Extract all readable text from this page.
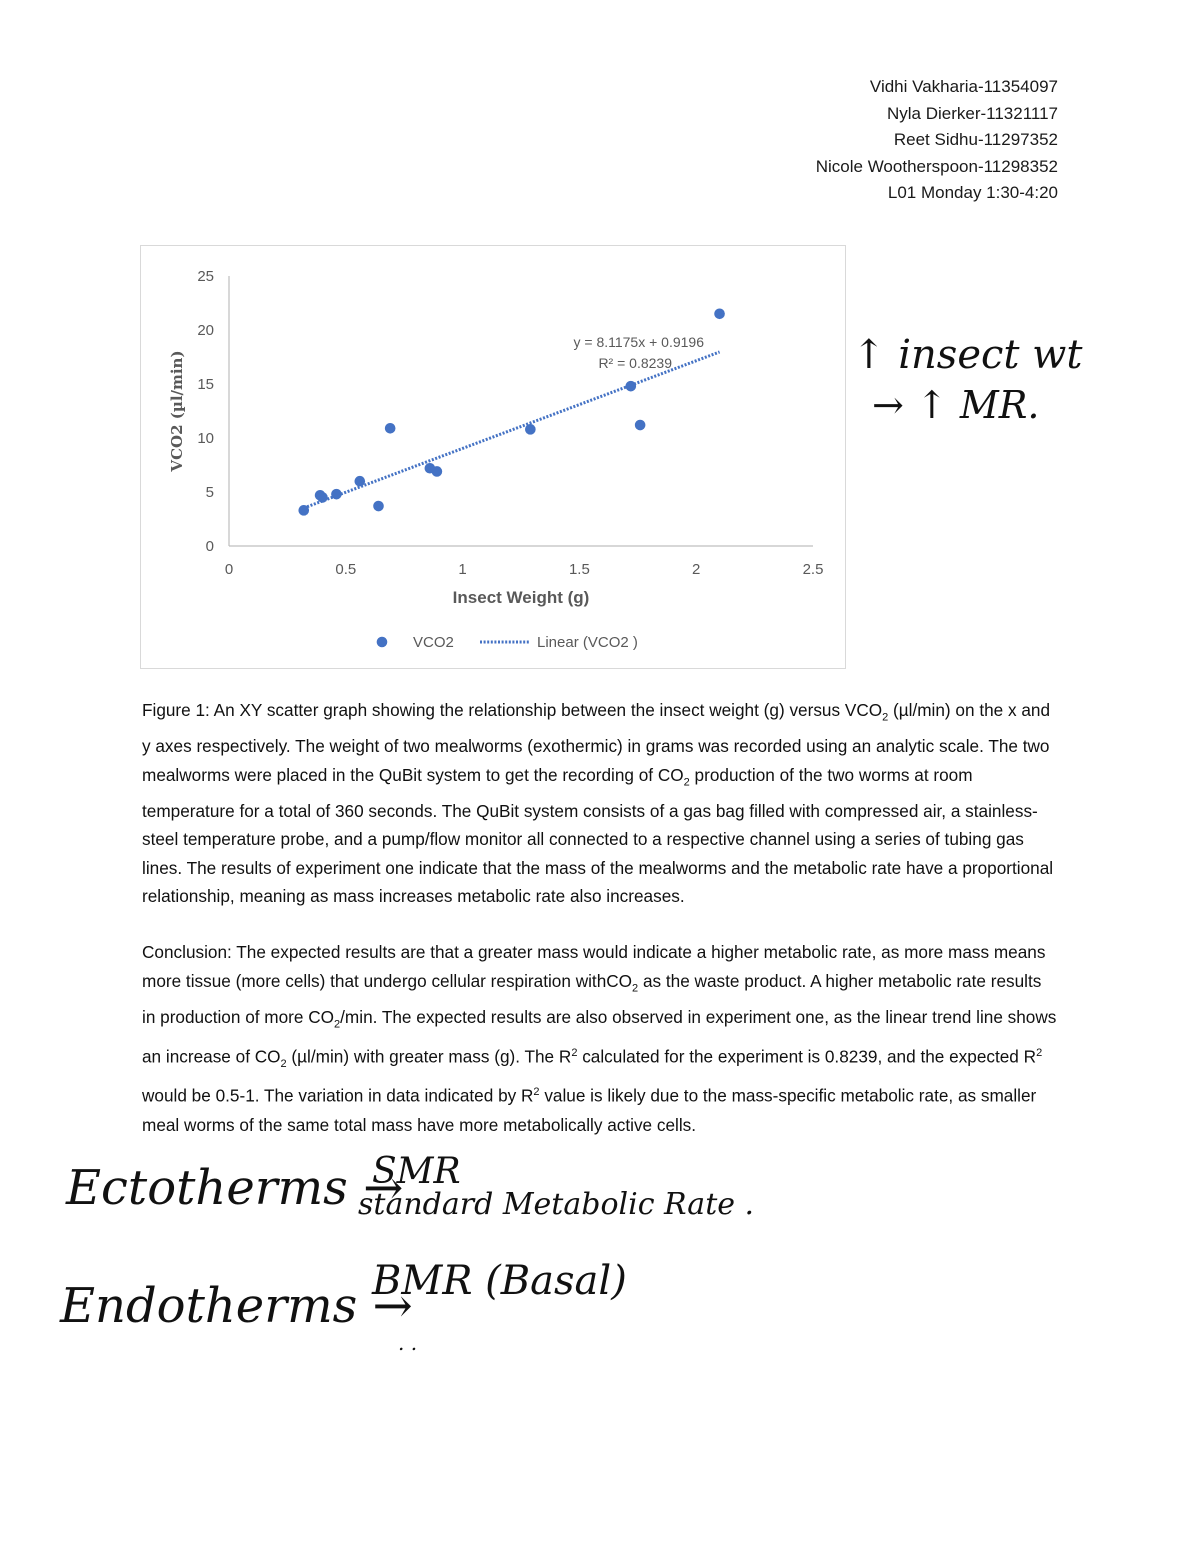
Vidhi Vakharia-11354097
Nyla Dierker-11321117
Reet Sidhu-11297352
Nicole Wootherspoon-11298352
L01 Monday 1:30-4:20
0	0.5	1	1.5	2	2.5
0
5
10
15
20
25
Insect Weight (g)
VCO2 (µl/min)
y = 8.1175x + 0.9196
R² = 0.8239
VCO2	Linear (VCO2 )
Figure 1: An XY scatter graph showing the relationship between the insect weight (g) versus $VCO_2$ (µl/min) on the x and y axes respectively. The weight of two mealworms (exothermic) in grams was recorded using an analytic scale. The two mealworms were placed in the QuBit system to get the recording of $CO_2$ production of the two worms at room temperature for a total of 360 seconds. The QuBit system consists of a gas bag filled with compressed air, a stainless-steel temperature probe, and a pump/flow monitor all connected to a respective channel using a series of tubing gas lines. The results of experiment one indicate that the mass of the mealworms and the metabolic rate have a proportional relationship, meaning as mass increases metabolic rate also increases.
Conclusion: The expected results are that a greater mass would indicate a higher metabolic rate, as more mass means more tissue (more cells) that undergo cellular respiration withCO$_2$ as the waste product. A higher metabolic rate results in production of more $CO_2/\min$. The expected results are also observed in experiment one, as the linear trend line shows an increase of $CO_2$ (µl/min) with greater mass (g). The $R^2$ calculated for the experiment is 0.8239, and the expected $R^2$ would be 0.5-1. The variation in data indicated by $R^2$ value is likely due to the mass-specific metabolic rate, as smaller meal worms of the same total mass have more metabolically active cells.
↑ insect wt
→ ↑ MR.
Ectotherms →
SMR
standard Metabolic Rate .
Endotherms →
BMR (Basal)
. .
